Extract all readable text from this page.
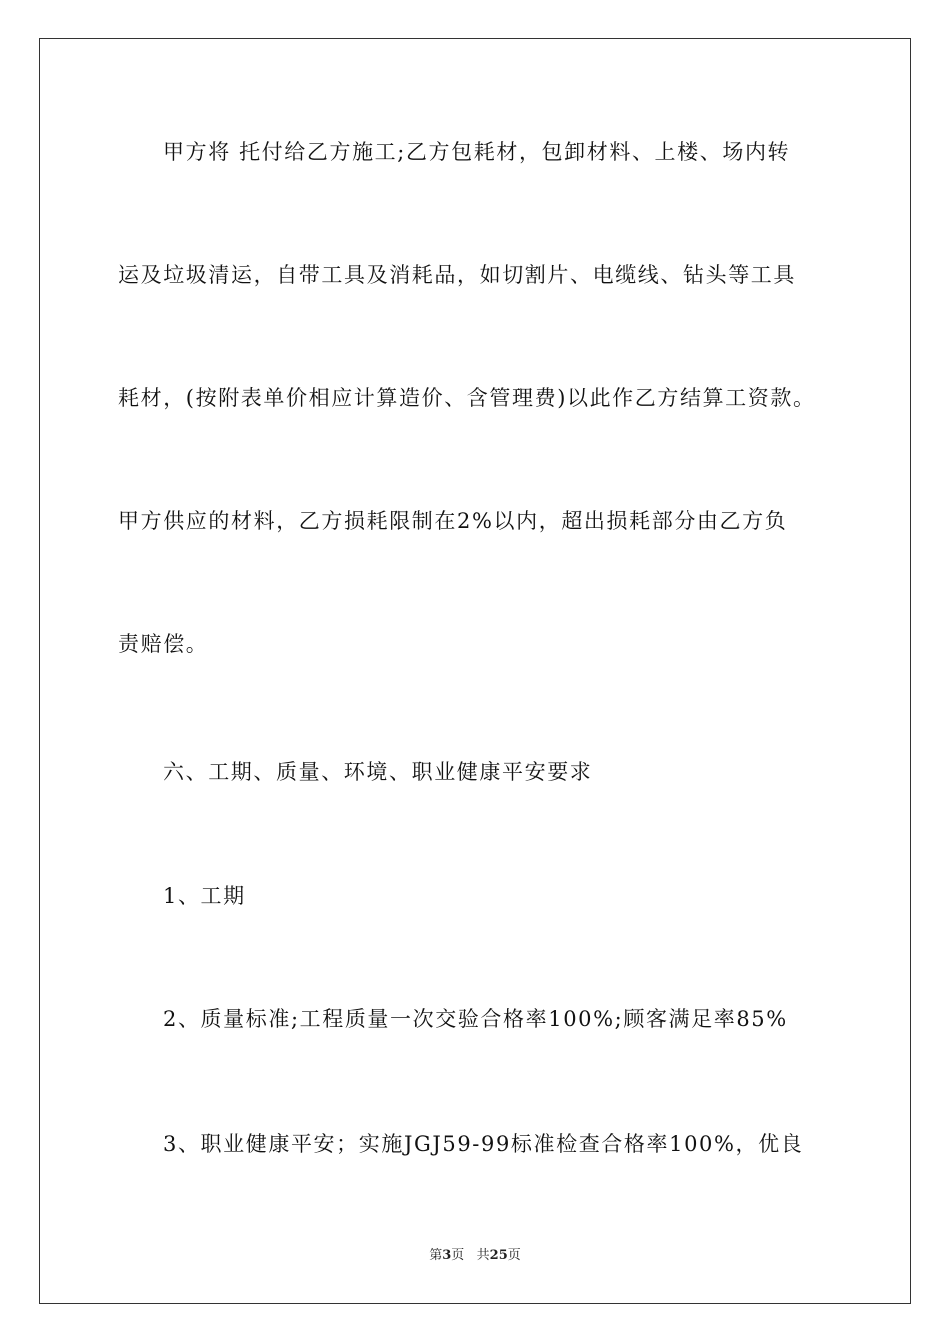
甲方将 托付给乙方施工;乙方包耗材，包卸材料、上楼、场内转
运及垃圾清运，自带工具及消耗品，如切割片、电缆线、钻头等工具
耗材，(按附表单价相应计算造价、含管理费)以此作乙方结算工资款。
甲方供应的材料，乙方损耗限制在2%以内，超出损耗部分由乙方负
责赔偿。
六、工期、质量、环境、职业健康平安要求
1、工期
2、质量标准;工程质量一次交验合格率100%;顾客满足率85%
3、职业健康平安；实施JGJ59-99标准检查合格率100%，优良
第3页   共25页
